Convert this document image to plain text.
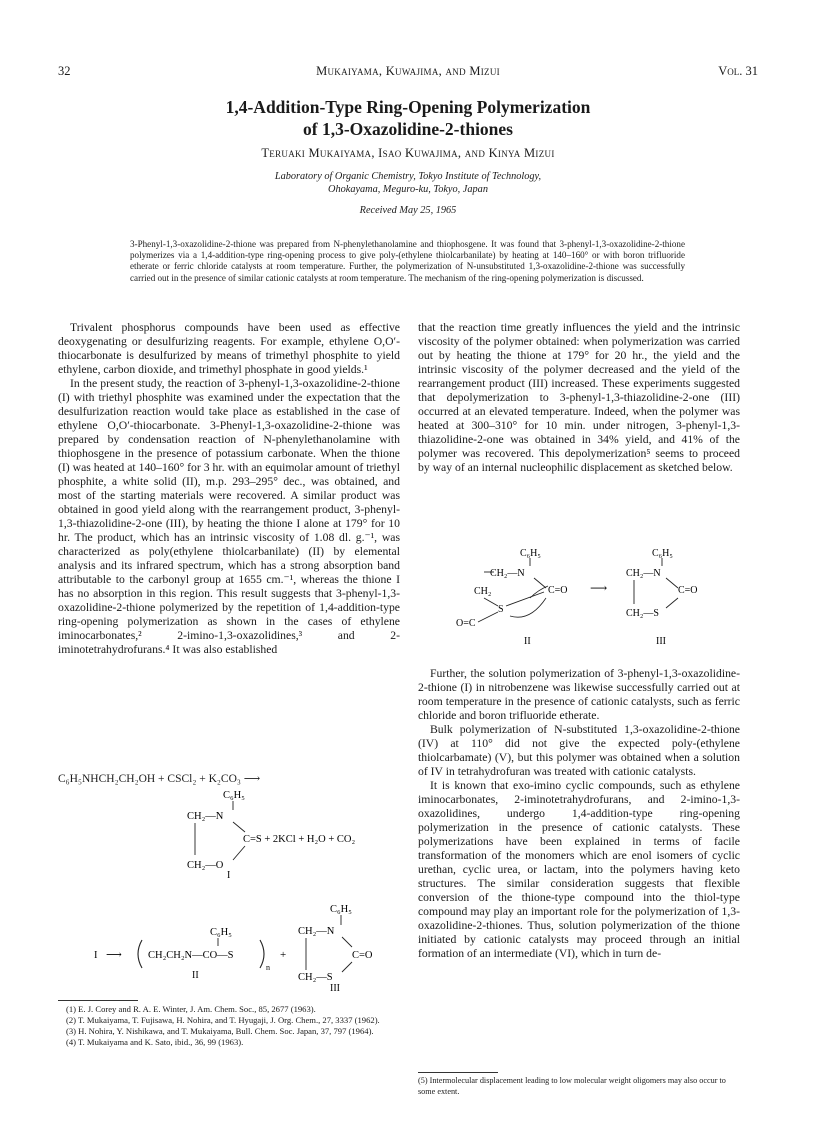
32	Mukaiyama, Kuwajima, and Mizui	Vol. 31
1,4-Addition-Type Ring-Opening Polymerization
of 1,3-Oxazolidine-2-thiones
Teruaki Mukaiyama, Isao Kuwajima, and Kinya Mizui
Laboratory of Organic Chemistry, Tokyo Institute of Technology,
Ohokayama, Meguro-ku, Tokyo, Japan
Received May 25, 1965
3-Phenyl-1,3-oxazolidine-2-thione was prepared from N-phenylethanolamine and thiophosgene. It was found that 3-phenyl-1,3-oxazolidine-2-thione polymerizes via a 1,4-addition-type ring-opening process to give poly-(ethylene thiolcarbanilate) by heating at 140–160° or with boron trifluoride etherate or ferric chloride catalysts at room temperature. Further, the polymerization of N-unsubstituted 1,3-oxazolidine-2-thione was successfully carried out in the presence of similar cationic catalysts at room temperature. The mechanism of the ring-opening polymerization is discussed.

Trivalent phosphorus compounds have been used as effective deoxygenating or desulfurizing reagents. For example, ethylene O,O′-thiocarbonate is desulfurized by means of trimethyl phosphite to yield ethylene, carbon dioxide, and trimethyl phosphate in good yields.¹

In the present study, the reaction of 3-phenyl-1,3-oxazolidine-2-thione (I) with triethyl phosphite was examined under the expectation that the desulfurization reaction would take place as established in the case of ethylene O,O′-thiocarbonate. 3-Phenyl-1,3-oxazolidine-2-thione was prepared by condensation reaction of N-phenylethanolamine with thiophosgene in the presence of potassium carbonate. When the thione (I) was heated at 140–160° for 3 hr. with an equimolar amount of triethyl phosphite, a white solid (II), m.p. 293–295° dec., was obtained, and most of the starting materials were recovered. A similar product was obtained in good yield along with the rearrangement product, 3-phenyl-1,3-thiazolidine-2-one (III), by heating the thione I alone at 179° for 10 hr. The product, which has an intrinsic viscosity of 1.08 dl. g.⁻¹, was characterized as poly(ethylene thiolcarbanilate) (II) by elemental analysis and its infrared spectrum, which has a strong absorption band attributable to the carbonyl group at 1655 cm.⁻¹, whereas the thione I has no absorption in this region. This result suggests that 3-phenyl-1,3-oxazolidine-2-thione polymerized by the repetition of 1,4-addition-type ring-opening polymerization as shown in the cases of ethylene iminocarbonates,² 2-imino-1,3-oxazolidines,³ and 2-iminotetrahydrofurans.⁴ It was also established

C₆H₅NHCH₂CH₂OH + CSCl₂ + K₂CO₃ ⟶
C₆H₅
CH₂—N
C=S + 2KCl + H₂O + CO₂
CH₂—O
I
C₆H₅
C₆H₅	CH₂—N
I ⟶ CH₂CH₂N—CO—S
n
+	C=O
CH₂—S
II
III
(1) E. J. Corey and R. A. E. Winter, J. Am. Chem. Soc., 85, 2677 (1963).
(2) T. Mukaiyama, T. Fujisawa, H. Nohira, and T. Hyugaji, J. Org. Chem., 27, 3337 (1962).
(3) H. Nohira, Y. Nishikawa, and T. Mukaiyama, Bull. Chem. Soc. Japan, 37, 797 (1964).
(4) T. Mukaiyama and K. Sato, ibid., 36, 99 (1963).

that the reaction time greatly influences the yield and the intrinsic viscosity of the polymer obtained: when polymerization was carried out by heating the thione at 179° for 20 hr., the yield and the intrinsic viscosity of the polymer decreased and the yield of the rearrangement product (III) increased. These experiments suggested that depolymerization to 3-phenyl-1,3-thiazolidine-2-one (III) occurred at an elevated temperature. Indeed, when the polymer was heated at 300–310° for 10 min. under nitrogen, 3-phenyl-1,3-thiazolidine-2-one was obtained in 34% yield, and 41% of the polymer was recovered. This depolymerization⁵ seems to proceed by way of an internal nucleophilic displacement as sketched below.

C₆H₅
CH₂—N
CH₂	C=O
S
O=C
II
⟶
C₆H₅
CH₂—N
C=O
CH₂—S
III

Further, the solution polymerization of 3-phenyl-1,3-oxazolidine-2-thione (I) in nitrobenzene was likewise successfully carried out at room temperature in the presence of cationic catalysts, such as ferric chloride and boron trifluoride etherate.

Bulk polymerization of N-substituted 1,3-oxazolidine-2-thione (IV) at 110° did not give the expected poly-(ethylene thiolcarbamate) (V), but this polymer was obtained when a solution of IV in tetrahydrofuran was treated with cationic catalysts.

It is known that exo-imino cyclic compounds, such as ethylene iminocarbonates, 2-iminotetrahydrofurans, and 2-imino-1,3-oxazolidines, undergo 1,4-addition-type ring-opening polymerization in the presence of cationic catalysts. These polymerizations have been explained in terms of facile transformation of the monomers which are enol isomers of cyclic urethan, cyclic urea, or lactam, into the polymers having keto structures. The similar consideration suggests that flexible conversion of the thione-type compound into the thiol-type compound may play an important role for the polymerization of 1,3-oxazolidine-2-thiones. Thus, solution polymerization of the thione initiated by cationic catalysts may proceed through an initial formation of an intermediate (VI), which in turn de-

(5) Intermolecular displacement leading to low molecular weight oligomers may also occur to some extent.
